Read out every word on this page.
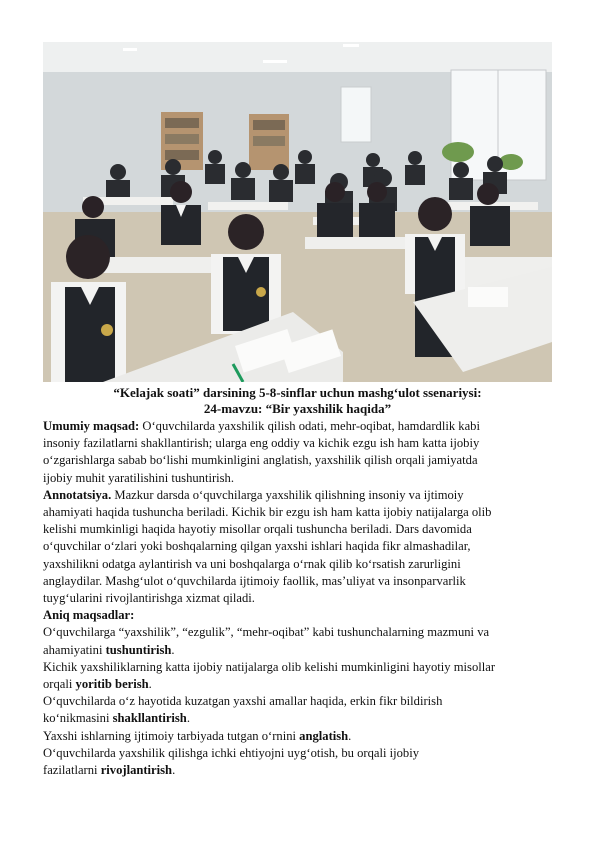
“Kelajak soati” darsining 5-8-sinflar uchun mashg‘ulot ssenariysi:
24-mavzu: “Bir yaxshilik haqida”

Umumiy maqsad: O‘quvchilarda yaxshilik qilish odati, mehr-oqibat, hamdardlik kabi

insoniy fazilatlarni shakllantirish; ularga eng oddiy va kichik ezgu ish ham katta ijobiy

o‘zgarishlarga sabab bo‘lishi mumkinligini anglatish, yaxshilik qilish orqali jamiyatda

ijobiy muhit yaratilishini tushuntirish.

Annotatsiya. Mazkur darsda o‘quvchilarga yaxshilik qilishning insoniy va ijtimoiy

ahamiyati haqida tushuncha beriladi. Kichik bir ezgu ish ham katta ijobiy natijalarga olib

kelishi mumkinligi haqida hayotiy misollar orqali tushuncha beriladi. Dars davomida

o‘quvchilar o‘zlari yoki boshqalarning qilgan yaxshi ishlari haqida fikr almashadilar,

yaxshilikni odatga aylantirish va uni boshqalarga o‘rnak qilib ko‘rsatish zarurligini

anglaydilar. Mashg‘ulot o‘quvchilarda ijtimoiy faollik, mas’uliyat va insonparvarlik

tuyg‘ularini rivojlantirishga xizmat qiladi.

Aniq maqsadlar:

O‘quvchilarga “yaxshilik”, “ezgulik”, “mehr-oqibat” kabi tushunchalarning mazmuni va

ahamiyatini tushuntirish.

Kichik yaxshiliklarning katta ijobiy natijalarga olib kelishi mumkinligini hayotiy misollar

orqali yoritib berish.

O‘quvchilarda o‘z hayotida kuzatgan yaxshi amallar haqida, erkin fikr bildirish

ko‘nikmasini shakllantirish.

Yaxshi ishlarning ijtimoiy tarbiyada tutgan o‘rnini anglatish.

O‘quvchilarda yaxshilik qilishga ichki ehtiyojni uyg‘otish, bu orqali ijobiy

fazilatlarni rivojlantirish.
